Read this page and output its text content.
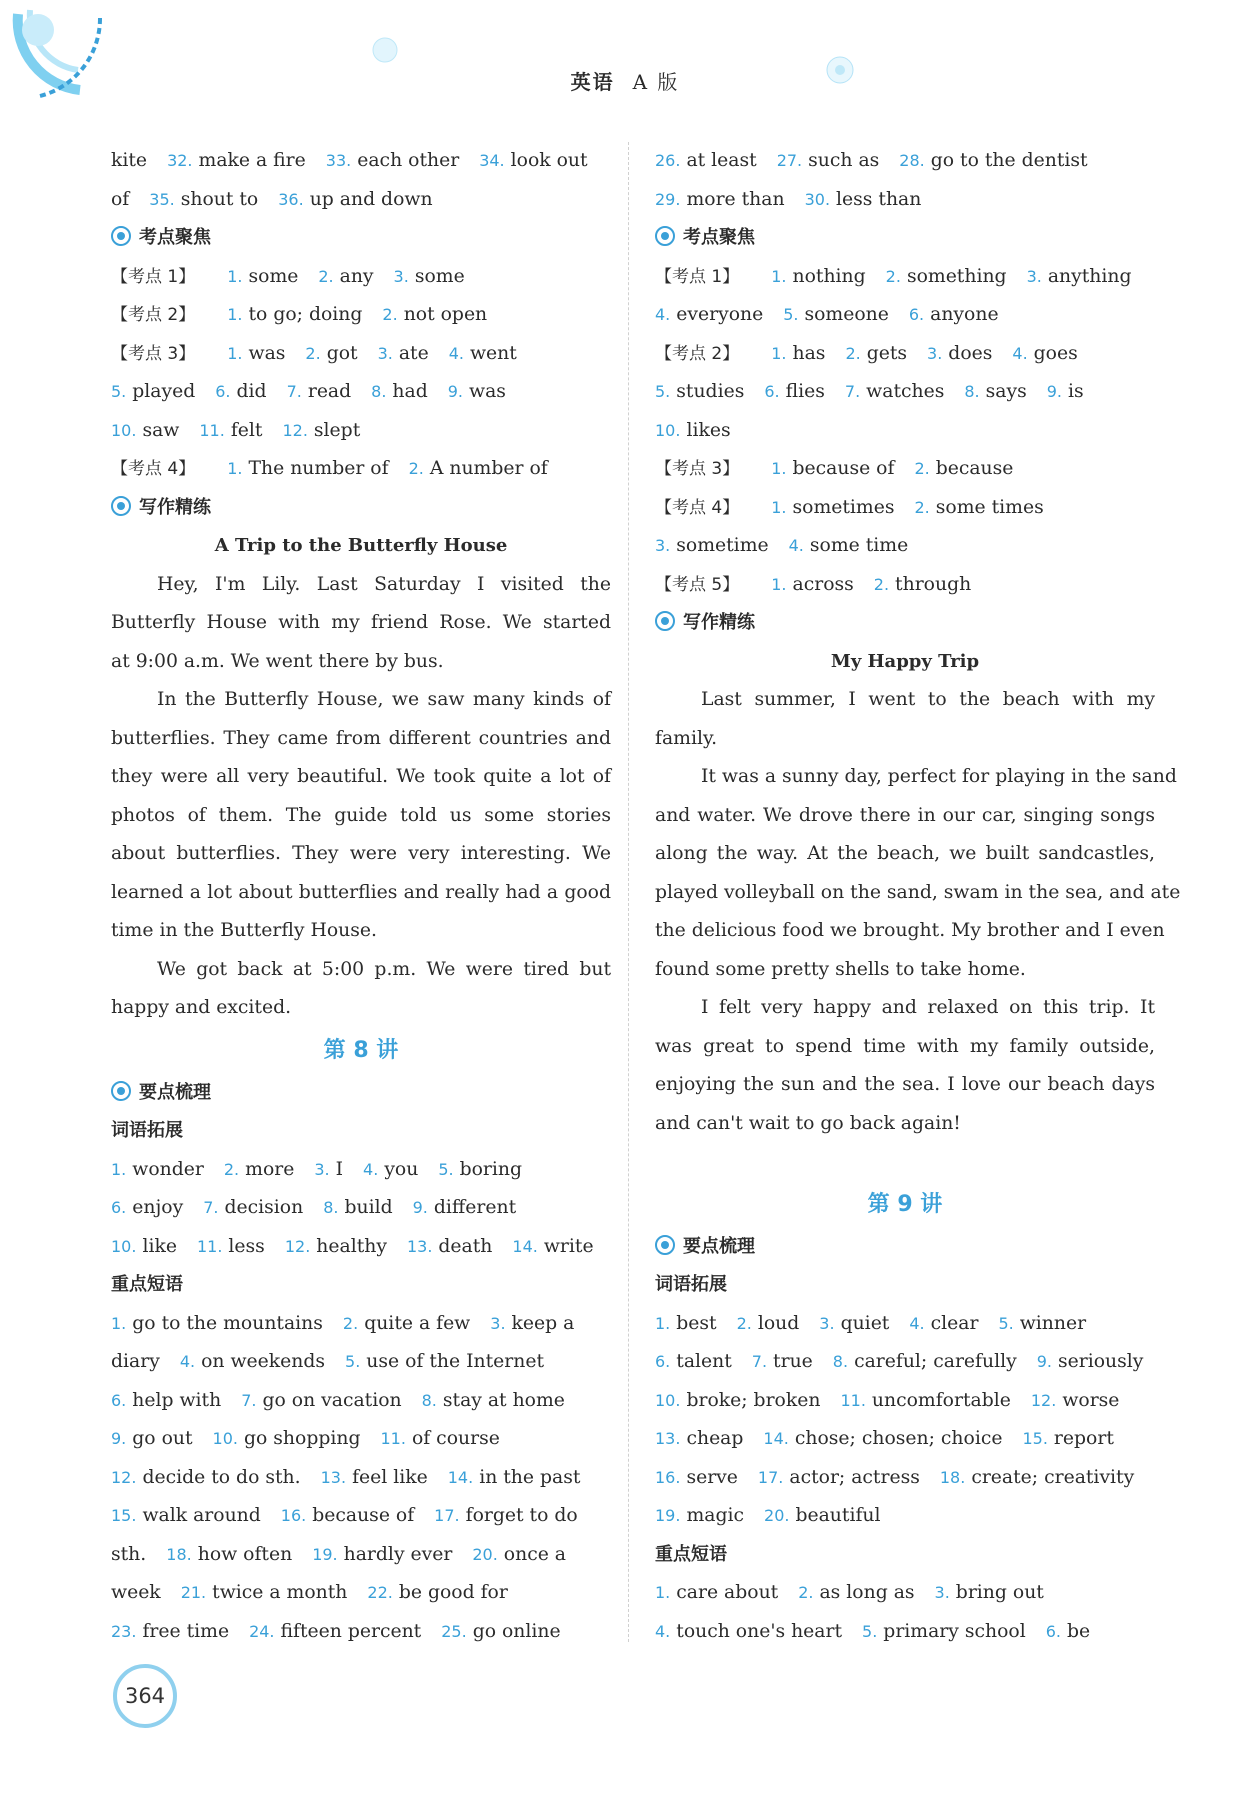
英语 A 版
kite 32. make a fire 33. each other 34. look out
of 35. shout to 36. up and down
考点聚焦
【考点 1】 1. some 2. any 3. some
【考点 2】 1. to go; doing 2. not open
【考点 3】 1. was 2. got 3. ate 4. went
5. played 6. did 7. read 8. had 9. was
10. saw 11. felt 12. slept
【考点 4】 1. The number of 2. A number of
写作精练
A Trip to the Butterfly House
Hey, I'm Lily. Last Saturday I visited the
Butterfly House with my friend Rose. We started
at 9:00 a.m. We went there by bus.
In the Butterfly House, we saw many kinds of
butterflies. They came from different countries and
they were all very beautiful. We took quite a lot of
photos of them. The guide told us some stories
about butterflies. They were very interesting. We
learned a lot about butterflies and really had a good
time in the Butterfly House.
We got back at 5:00 p.m. We were tired but
happy and excited.
第 8 讲
要点梳理
词语拓展
1. wonder 2. more 3. I 4. you 5. boring
6. enjoy 7. decision 8. build 9. different
10. like 11. less 12. healthy 13. death 14. write
重点短语
1. go to the mountains 2. quite a few 3. keep a
diary 4. on weekends 5. use of the Internet
6. help with 7. go on vacation 8. stay at home
9. go out 10. go shopping 11. of course
12. decide to do sth. 13. feel like 14. in the past
15. walk around 16. because of 17. forget to do
sth. 18. how often 19. hardly ever 20. once a
week 21. twice a month 22. be good for
23. free time 24. fifteen percent 25. go online
26. at least 27. such as 28. go to the dentist
29. more than 30. less than
考点聚焦
【考点 1】 1. nothing 2. something 3. anything
4. everyone 5. someone 6. anyone
【考点 2】 1. has 2. gets 3. does 4. goes
5. studies 6. flies 7. watches 8. says 9. is
10. likes
【考点 3】 1. because of 2. because
【考点 4】 1. sometimes 2. some times
3. sometime 4. some time
【考点 5】 1. across 2. through
写作精练
My Happy Trip
Last summer, I went to the beach with my
family.
It was a sunny day, perfect for playing in the sand
and water. We drove there in our car, singing songs
along the way. At the beach, we built sandcastles,
played volleyball on the sand, swam in the sea, and ate
the delicious food we brought. My brother and I even
found some pretty shells to take home.
I felt very happy and relaxed on this trip. It
was great to spend time with my family outside,
enjoying the sun and the sea. I love our beach days
and can't wait to go back again!
第 9 讲
要点梳理
词语拓展
1. best 2. loud 3. quiet 4. clear 5. winner
6. talent 7. true 8. careful; carefully 9. seriously
10. broke; broken 11. uncomfortable 12. worse
13. cheap 14. chose; chosen; choice 15. report
16. serve 17. actor; actress 18. create; creativity
19. magic 20. beautiful
重点短语
1. care about 2. as long as 3. bring out
4. touch one's heart 5. primary school 6. be
364
